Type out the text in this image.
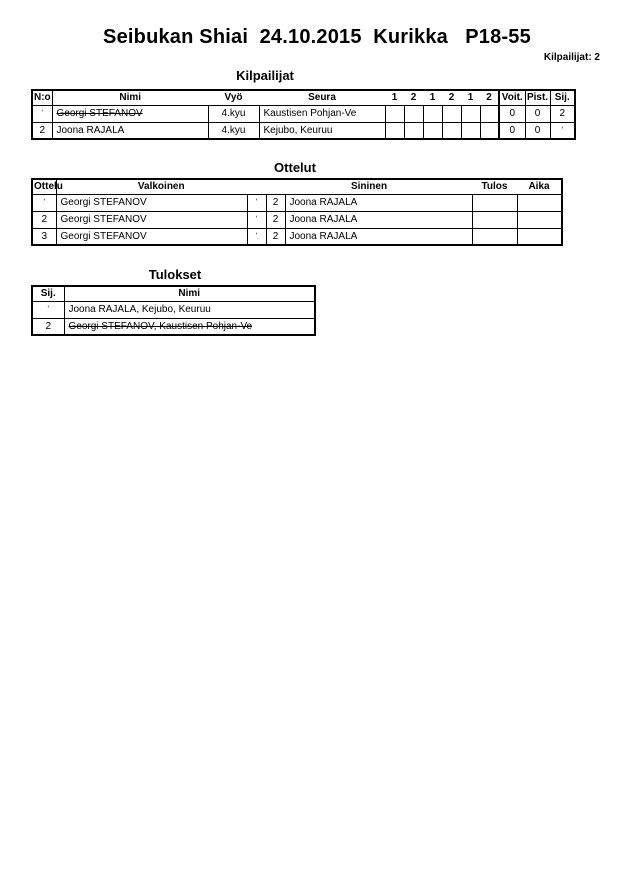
Seibukan Shiai  24.10.2015  Kurikka   P18-55
Kilpailijat: 2
Kilpailijat
N:o	Nimi	Vyö	Seura	1	2	1	2	1	2	Voit.	Pist.	Sij.
ʼ	Georgi STEFANOV	4.kyu	Kaustisen Pohjan-Ve							0	0	2
2	Joona RAJALA	4.kyu	Kejubo, Keuruu							0	0	ʼ
Ottelut
Ottelu	Valkoinen		Sininen		Tulos	Aika
ʼ	Georgi STEFANOV	ʼ	2	Joona RAJALA		
2	Georgi STEFANOV	ʼ	2	Joona RAJALA		
3	Georgi STEFANOV	ʼ	2	Joona RAJALA		
Tulokset
Sij.	Nimi
ʼ	Joona RAJALA, Kejubo, Keuruu
2	Georgi STEFANOV, Kaustisen Pohjan-Ve
